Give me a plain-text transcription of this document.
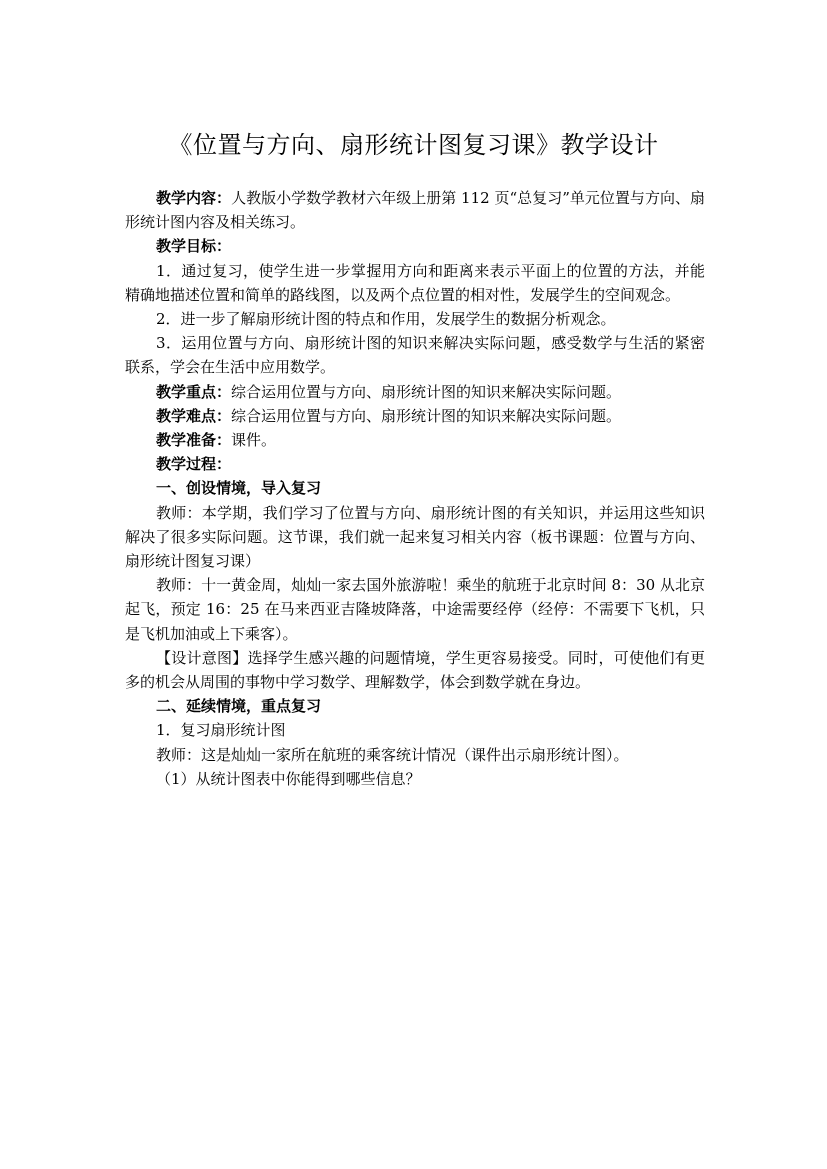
《位置与方向、扇形统计图复习课》教学设计

教学内容：人教版小学数学教材六年级上册第 112 页“总复习”单元位置与方向、扇形统计图内容及相关练习。

教学目标：

1．通过复习，使学生进一步掌握用方向和距离来表示平面上的位置的方法，并能精确地描述位置和简单的路线图，以及两个点位置的相对性，发展学生的空间观念。

2．进一步了解扇形统计图的特点和作用，发展学生的数据分析观念。

3．运用位置与方向、扇形统计图的知识来解决实际问题，感受数学与生活的紧密联系，学会在生活中应用数学。

教学重点：综合运用位置与方向、扇形统计图的知识来解决实际问题。

教学难点：综合运用位置与方向、扇形统计图的知识来解决实际问题。

教学准备：课件。

教学过程：

一、创设情境，导入复习

教师：本学期，我们学习了位置与方向、扇形统计图的有关知识，并运用这些知识解决了很多实际问题。这节课，我们就一起来复习相关内容（板书课题：位置与方向、扇形统计图复习课）

教师：十一黄金周，灿灿一家去国外旅游啦！乘坐的航班于北京时间 8：30 从北京起飞，预定 16：25 在马来西亚吉隆坡降落，中途需要经停（经停：不需要下飞机，只是飞机加油或上下乘客）。

【设计意图】选择学生感兴趣的问题情境，学生更容易接受。同时，可使他们有更多的机会从周围的事物中学习数学、理解数学，体会到数学就在身边。

二、延续情境，重点复习

1．复习扇形统计图

教师：这是灿灿一家所在航班的乘客统计情况（课件出示扇形统计图）。

（1）从统计图表中你能得到哪些信息？
